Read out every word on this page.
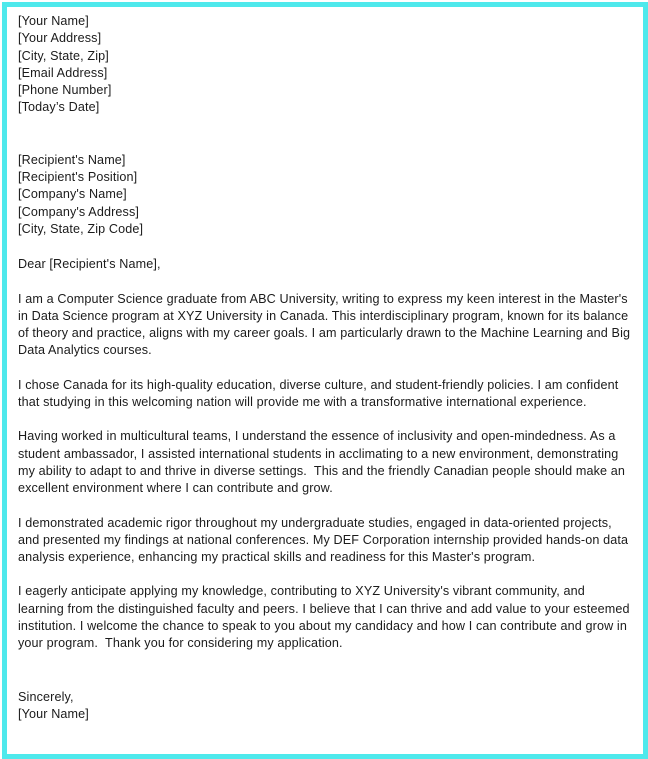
[Your Name]
[Your Address]
[City, State, Zip]
[Email Address]
[Phone Number]
[Today’s Date]
[Recipient's Name]
[Recipient's Position]
[Company's Name]
[Company's Address]
[City, State, Zip Code]

Dear [Recipient's Name],

I am a Computer Science graduate from ABC University, writing to express my keen interest in the Master's in Data Science program at XYZ University in Canada. This interdisciplinary program, known for its balance of theory and practice, aligns with my career goals. I am particularly drawn to the Machine Learning and Big Data Analytics courses.

I chose Canada for its high-quality education, diverse culture, and student-friendly policies. I am confident that studying in this welcoming nation will provide me with a transformative international experience.

Having worked in multicultural teams, I understand the essence of inclusivity and open-mindedness. As a student ambassador, I assisted international students in acclimating to a new environment, demonstrating my ability to adapt to and thrive in diverse settings.  This and the friendly Canadian people should make an excellent environment where I can contribute and grow.

I demonstrated academic rigor throughout my undergraduate studies, engaged in data-oriented projects, and presented my findings at national conferences. My DEF Corporation internship provided hands-on data analysis experience, enhancing my practical skills and readiness for this Master's program.

I eagerly anticipate applying my knowledge, contributing to XYZ University's vibrant community, and learning from the distinguished faculty and peers. I believe that I can thrive and add value to your esteemed institution. I welcome the chance to speak to you about my candidacy and how I can contribute and grow in your program.  Thank you for considering my application.

Sincerely,
[Your Name]
